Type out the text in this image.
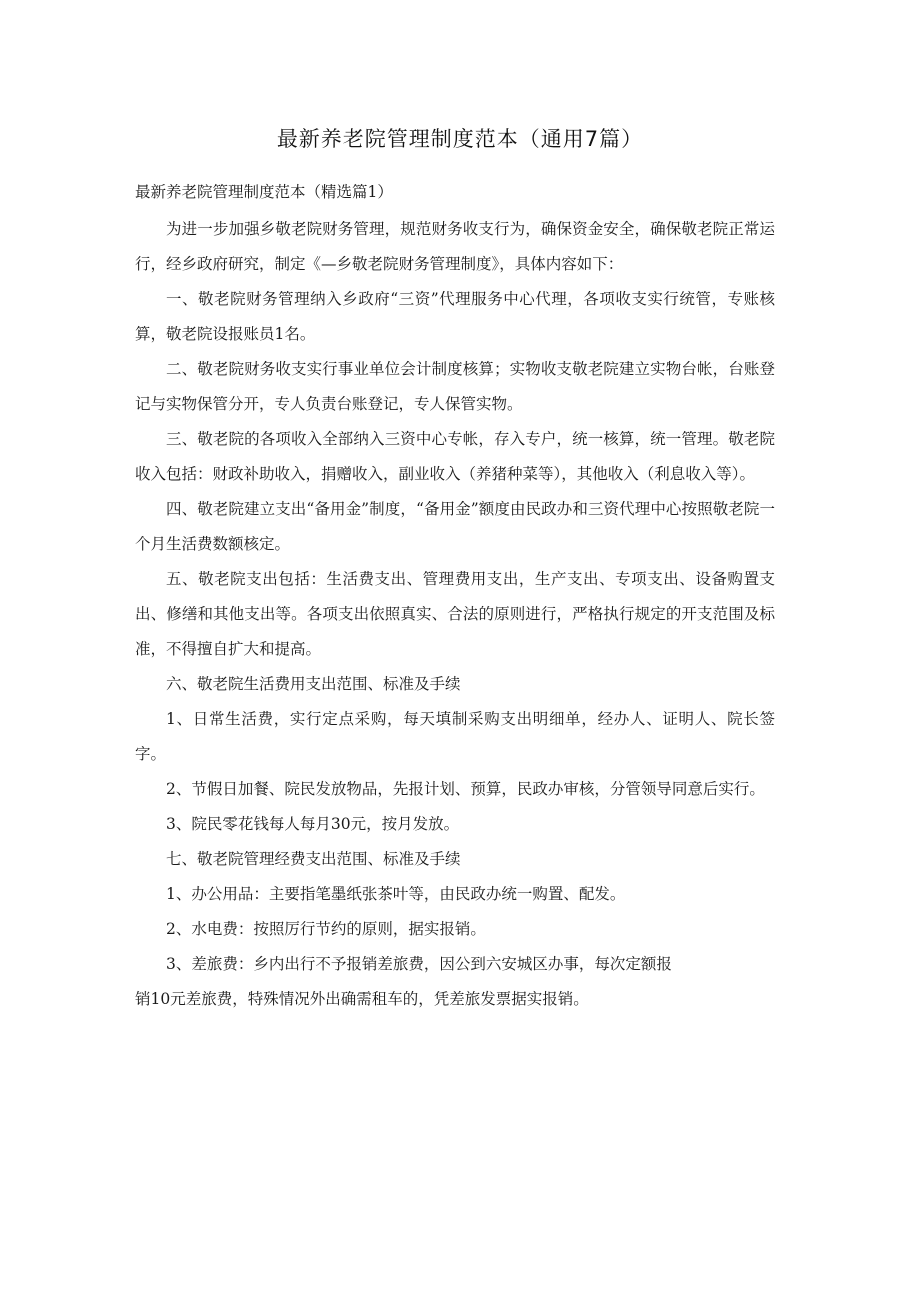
最新养老院管理制度范本（通用7篇）

最新养老院管理制度范本（精选篇1）

为进一步加强乡敬老院财务管理，规范财务收支行为，确保资金安全，确保敬老院正常运行，经乡政府研究，制定《—乡敬老院财务管理制度》，具体内容如下：

一、敬老院财务管理纳入乡政府“三资”代理服务中心代理，各项收支实行统管，专账核算，敬老院设报账员1名。

二、敬老院财务收支实行事业单位会计制度核算；实物收支敬老院建立实物台帐，台账登记与实物保管分开，专人负责台账登记，专人保管实物。

三、敬老院的各项收入全部纳入三资中心专帐，存入专户，统一核算，统一管理。敬老院收入包括：财政补助收入，捐赠收入，副业收入（养猪种菜等），其他收入（利息收入等）。

四、敬老院建立支出“备用金”制度，“备用金”额度由民政办和三资代理中心按照敬老院一个月生活费数额核定。

五、敬老院支出包括：生活费支出、管理费用支出，生产支出、专项支出、设备购置支出、修缮和其他支出等。各项支出依照真实、合法的原则进行，严格执行规定的开支范围及标准，不得擅自扩大和提高。

六、敬老院生活费用支出范围、标准及手续

1、日常生活费，实行定点采购，每天填制采购支出明细单，经办人、证明人、院长签字。

2、节假日加餐、院民发放物品，先报计划、预算，民政办审核，分管领导同意后实行。

3、院民零花钱每人每月30元，按月发放。

七、敬老院管理经费支出范围、标准及手续

1、办公用品：主要指笔墨纸张茶叶等，由民政办统一购置、配发。

2、水电费：按照厉行节约的原则，据实报销。

3、差旅费：乡内出行不予报销差旅费，因公到六安城区办事，每次定额报

销10元差旅费，特殊情况外出确需租车的，凭差旅发票据实报销。
